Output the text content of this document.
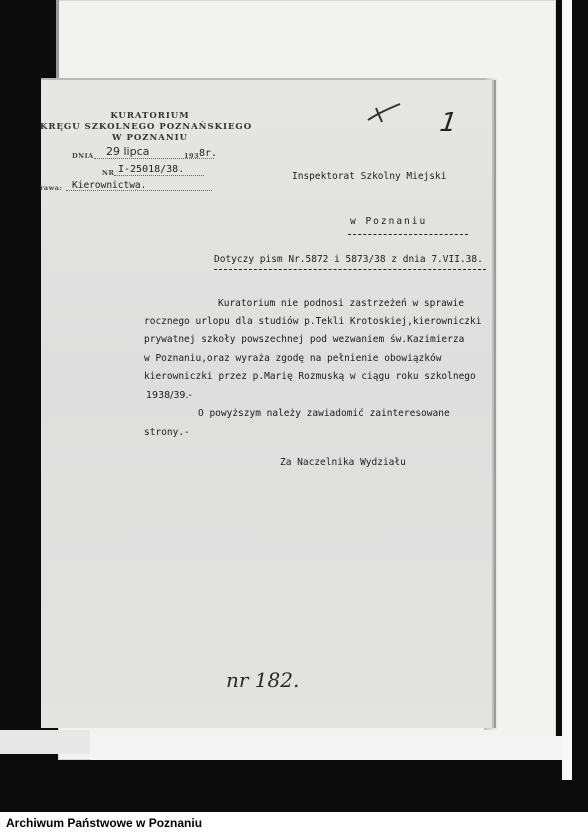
KURATORIUM
KRĘGU SZKOLNEGO POZNAŃSKIEGO
W POZNANIU
DNIA 29 lipca	193 8r.
NR I-25018/38.
rawa: Kierownictwa.
Inspektorat Szkolny Miejski
w Poznaniu
Dotyczy pism Nr.5872 i 5873/38 z dnia 7.VII.38.
Kuratorium nie podnosi zastrzeżeń w sprawie
rocznego urlopu dla studiów p.Tekli Krotoskiej,kierowniczki
prywatnej szkoły powszechnej pod wezwaniem św.Kazimierza
w Poznaniu,oraz wyraża zgodę na pełnienie obowiązków
kierowniczki przez p.Marię Rozmuską w ciągu roku szkolnego
1938/39.-
O powyższym należy zawiadomić zainteresowane
strony.-
Za Naczelnika Wydziału
1
nr 182.
Archiwum Państwowe w Poznaniu
